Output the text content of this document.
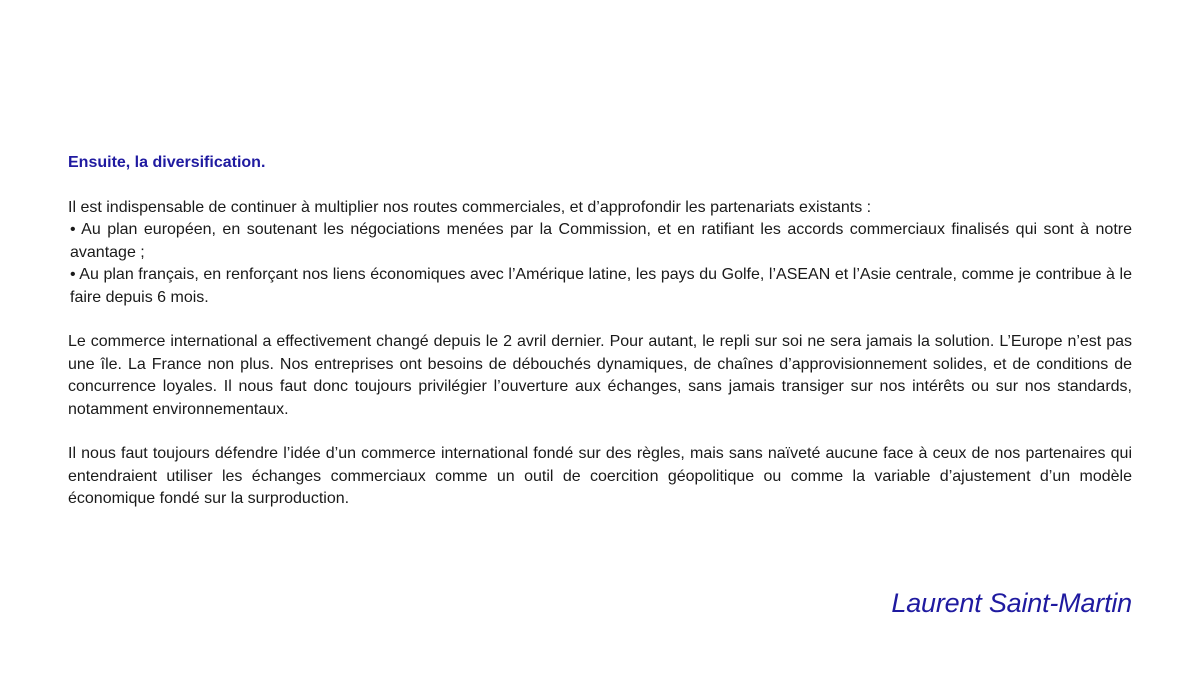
Ensuite, la diversification.
Il est indispensable de continuer à multiplier nos routes commerciales, et d’approfondir les partenariats existants :
• Au plan européen, en soutenant les négociations menées par la Commission, et en ratifiant les accords commerciaux finalisés qui sont à notre avantage ;
• Au plan français, en renforçant nos liens économiques avec l’Amérique latine, les pays du Golfe, l’ASEAN et l’Asie centrale, comme je contribue à le faire depuis 6 mois.
Le commerce international a effectivement changé depuis le 2 avril dernier. Pour autant, le repli sur soi ne sera jamais la solution. L’Europe n’est pas une île. La France non plus. Nos entreprises ont besoins de débouchés dynamiques, de chaînes d’approvisionnement solides, et de conditions de concurrence loyales. Il nous faut donc toujours privilégier l’ouverture aux échanges, sans jamais transiger sur nos intérêts ou sur nos standards, notamment environnementaux.
Il nous faut toujours défendre l’idée d’un commerce international fondé sur des règles, mais sans naïveté aucune face à ceux de nos partenaires qui entendraient utiliser les échanges commerciaux comme un outil de coercition géopolitique ou comme la variable d’ajustement d’un modèle économique fondé sur la surproduction.
Laurent Saint-Martin
